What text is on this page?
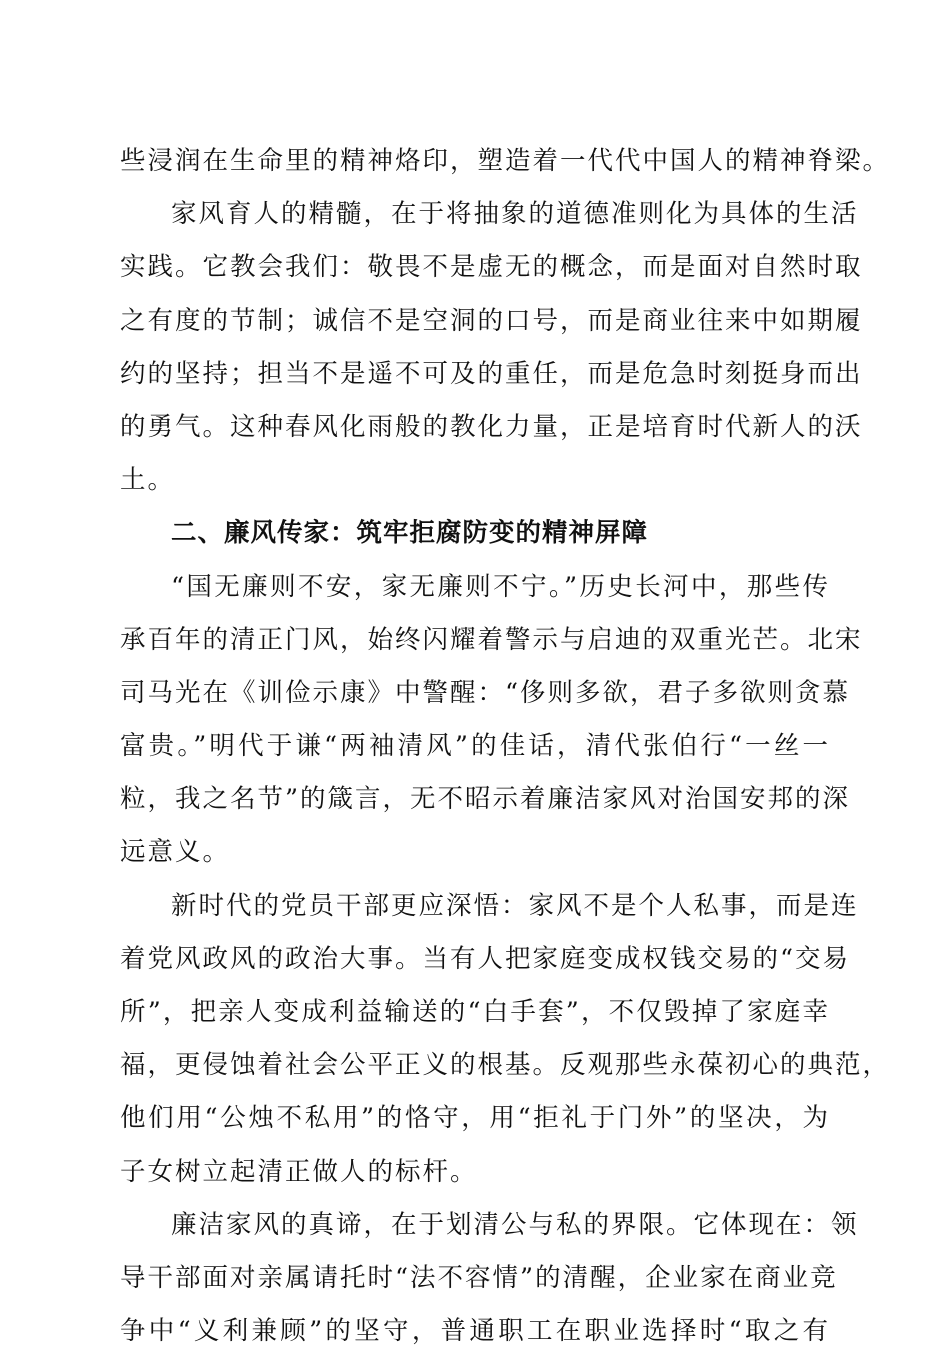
些浸润在生命里的精神烙印，塑造着一代代中国人的精神脊梁。
家风育人的精髓，在于将抽象的道德准则化为具体的生活
实践。它教会我们：敬畏不是虚无的概念，而是面对自然时取
之有度的节制；诚信不是空洞的口号，而是商业往来中如期履
约的坚持；担当不是遥不可及的重任，而是危急时刻挺身而出
的勇气。这种春风化雨般的教化力量，正是培育时代新人的沃
土。
二、廉风传家：筑牢拒腐防变的精神屏障
“国无廉则不安，家无廉则不宁。”历史长河中，那些传
承百年的清正门风，始终闪耀着警示与启迪的双重光芒。北宋
司马光在《训俭示康》中警醒：“侈则多欲，君子多欲则贪慕
富贵。”明代于谦“两袖清风”的佳话，清代张伯行“一丝一
粒，我之名节”的箴言，无不昭示着廉洁家风对治国安邦的深
远意义。
新时代的党员干部更应深悟：家风不是个人私事，而是连
着党风政风的政治大事。当有人把家庭变成权钱交易的“交易
所”，把亲人变成利益输送的“白手套”，不仅毁掉了家庭幸
福，更侵蚀着社会公平正义的根基。反观那些永葆初心的典范，
他们用“公烛不私用”的恪守，用“拒礼于门外”的坚决，为
子女树立起清正做人的标杆。
廉洁家风的真谛，在于划清公与私的界限。它体现在：领
导干部面对亲属请托时“法不容情”的清醒，企业家在商业竞
争中“义利兼顾”的坚守，普通职工在职业选择时“取之有
